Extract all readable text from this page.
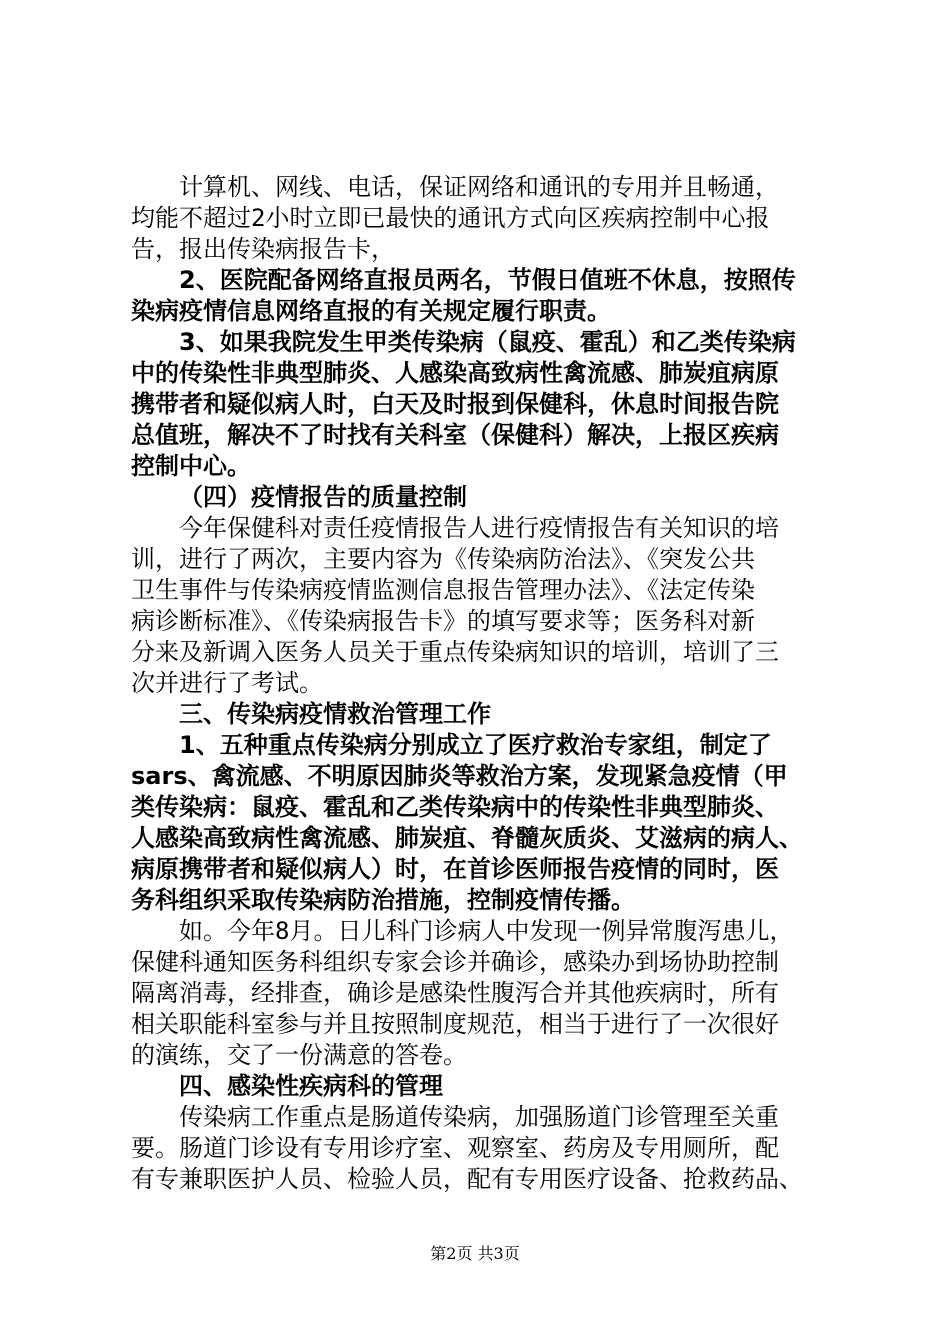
计算机、网线、电话，保证网络和通讯的专用并且畅通，
均能不超过2小时立即已最快的通讯方式向区疾病控制中心报
告，报出传染病报告卡，
2、医院配备网络直报员两名，节假日值班不休息，按照传
染病疫情信息网络直报的有关规定履行职责。
3、如果我院发生甲类传染病（鼠疫、霍乱）和乙类传染病
中的传染性非典型肺炎、人感染高致病性禽流感、肺炭疽病原
携带者和疑似病人时，白天及时报到保健科，休息时间报告院
总值班，解决不了时找有关科室（保健科）解决，上报区疾病
控制中心。
（四）疫情报告的质量控制
今年保健科对责任疫情报告人进行疫情报告有关知识的培
训，进行了两次，主要内容为《传染病防治法》、《突发公共
卫生事件与传染病疫情监测信息报告管理办法》、《法定传染
病诊断标准》、《传染病报告卡》的填写要求等；医务科对新
分来及新调入医务人员关于重点传染病知识的培训，培训了三
次并进行了考试。
三、传染病疫情救治管理工作
1、五种重点传染病分别成立了医疗救治专家组，制定了
sars、禽流感、不明原因肺炎等救治方案，发现紧急疫情（甲
类传染病：鼠疫、霍乱和乙类传染病中的传染性非典型肺炎、
人感染高致病性禽流感、肺炭疽、脊髓灰质炎、艾滋病的病人、
病原携带者和疑似病人）时，在首诊医师报告疫情的同时，医
务科组织采取传染病防治措施，控制疫情传播。
如。今年8月。日儿科门诊病人中发现一例异常腹泻患儿，
保健科通知医务科组织专家会诊并确诊，感染办到场协助控制
隔离消毒，经排查，确诊是感染性腹泻合并其他疾病时，所有
相关职能科室参与并且按照制度规范，相当于进行了一次很好
的演练，交了一份满意的答卷。
四、感染性疾病科的管理
传染病工作重点是肠道传染病，加强肠道门诊管理至关重
要。肠道门诊设有专用诊疗室、观察室、药房及专用厕所，配
有专兼职医护人员、检验人员，配有专用医疗设备、抢救药品、
第2页 共3页
